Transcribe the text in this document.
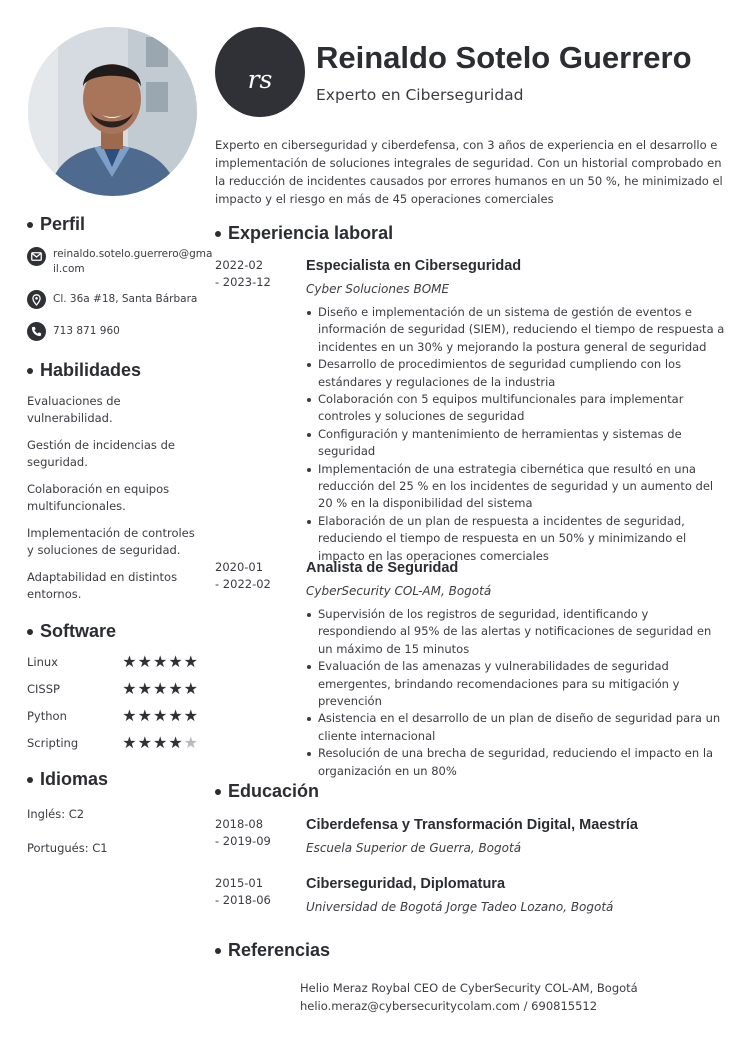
Perfil
reinaldo.sotelo.guerrero@gma
il.com
Cl. 36a #18, Santa Bárbara
713 871 960
Habilidades
Evaluaciones de vulnerabilidad.
Gestión de incidencias de seguridad.
Colaboración en equipos multifuncionales.
Implementación de controles y soluciones de seguridad.
Adaptabilidad en distintos entornos.
Software
Linux	★ ★ ★ ★ ★
CISSP	★ ★ ★ ★ ★
Python	★ ★ ★ ★ ★
Scripting	★ ★ ★ ★ ★
Idiomas
Inglés: C2
Portugués: C1
rs
Reinaldo Sotelo Guerrero
Experto en Ciberseguridad
Experto en ciberseguridad y ciberdefensa, con 3 años de experiencia en el desarrollo e implementación de soluciones integrales de seguridad. Con un historial comprobado en la reducción de incidentes causados por errores humanos en un 50 %, he minimizado el impacto y el riesgo en más de 45 operaciones comerciales
Experiencia laboral
2022-02
- 2023-12
Especialista en Ciberseguridad
Cyber Soluciones BOME
Diseño e implementación de un sistema de gestión de eventos e información de seguridad (SIEM), reduciendo el tiempo de respuesta a incidentes en un 30% y mejorando la postura general de seguridad
Desarrollo de procedimientos de seguridad cumpliendo con los estándares y regulaciones de la industria
Colaboración con 5 equipos multifuncionales para implementar controles y soluciones de seguridad
Configuración y mantenimiento de herramientas y sistemas de seguridad
Implementación de una estrategia cibernética que resultó en una reducción del 25 % en los incidentes de seguridad y un aumento del 20 % en la disponibilidad del sistema
Elaboración de un plan de respuesta a incidentes de seguridad, reduciendo el tiempo de respuesta en un 50% y minimizando el impacto en las operaciones comerciales
2020-01
- 2022-02
Analista de Seguridad
CyberSecurity COL-AM, Bogotá
Supervisión de los registros de seguridad, identificando y respondiendo al 95% de las alertas y notificaciones de seguridad en un máximo de 15 minutos
Evaluación de las amenazas y vulnerabilidades de seguridad emergentes, brindando recomendaciones para su mitigación y prevención
Asistencia en el desarrollo de un plan de diseño de seguridad para un cliente internacional
Resolución de una brecha de seguridad, reduciendo el impacto en la organización en un 80%
Educación
2018-08
- 2019-09
Ciberdefensa y Transformación Digital, Maestría
Escuela Superior de Guerra, Bogotá
2015-01
- 2018-06
Ciberseguridad, Diplomatura
Universidad de Bogotá Jorge Tadeo Lozano, Bogotá
Referencias
Helio Meraz Roybal CEO de CyberSecurity COL-AM, Bogotá
helio.meraz@cybersecuritycolam.com / 690815512
